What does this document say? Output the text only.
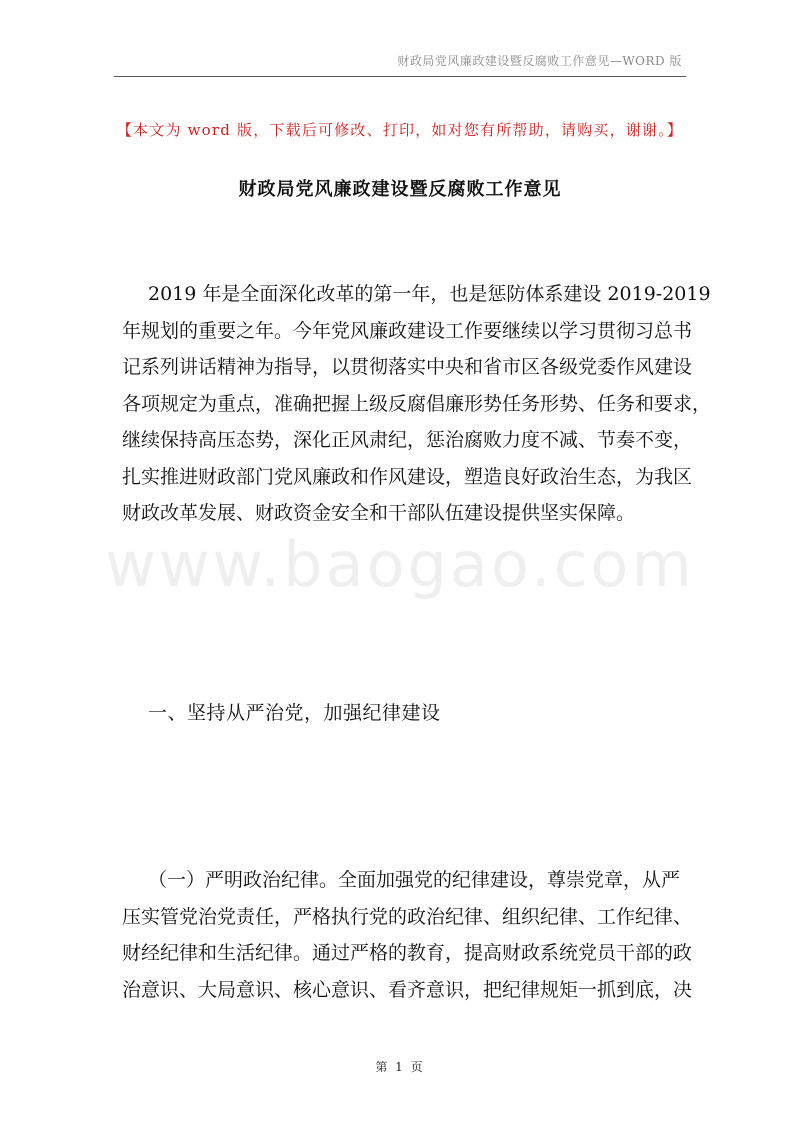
财政局党风廉政建设暨反腐败工作意见—WORD 版
【本文为 word 版，下载后可修改、打印，如对您有所帮助，请购买，谢谢。】
财政局党风廉政建设暨反腐败工作意见
2019 年是全面深化改革的第一年，也是惩防体系建设 2019-2019
年规划的重要之年。今年党风廉政建设工作要继续以学习贯彻习总书
记系列讲话精神为指导，以贯彻落实中央和省市区各级党委作风建设
各项规定为重点，准确把握上级反腐倡廉形势任务形势、任务和要求，
继续保持高压态势，深化正风肃纪，惩治腐败力度不减、节奏不变，
扎实推进财政部门党风廉政和作风建设，塑造良好政治生态，为我区
财政改革发展、财政资金安全和干部队伍建设提供坚实保障。
www.baogao.com
一、坚持从严治党，加强纪律建设
（一）严明政治纪律。全面加强党的纪律建设，尊崇党章，从严
压实管党治党责任，严格执行党的政治纪律、组织纪律、工作纪律、
财经纪律和生活纪律。通过严格的教育，提高财政系统党员干部的政
治意识、大局意识、核心意识、看齐意识，把纪律规矩一抓到底，决
第 1 页
